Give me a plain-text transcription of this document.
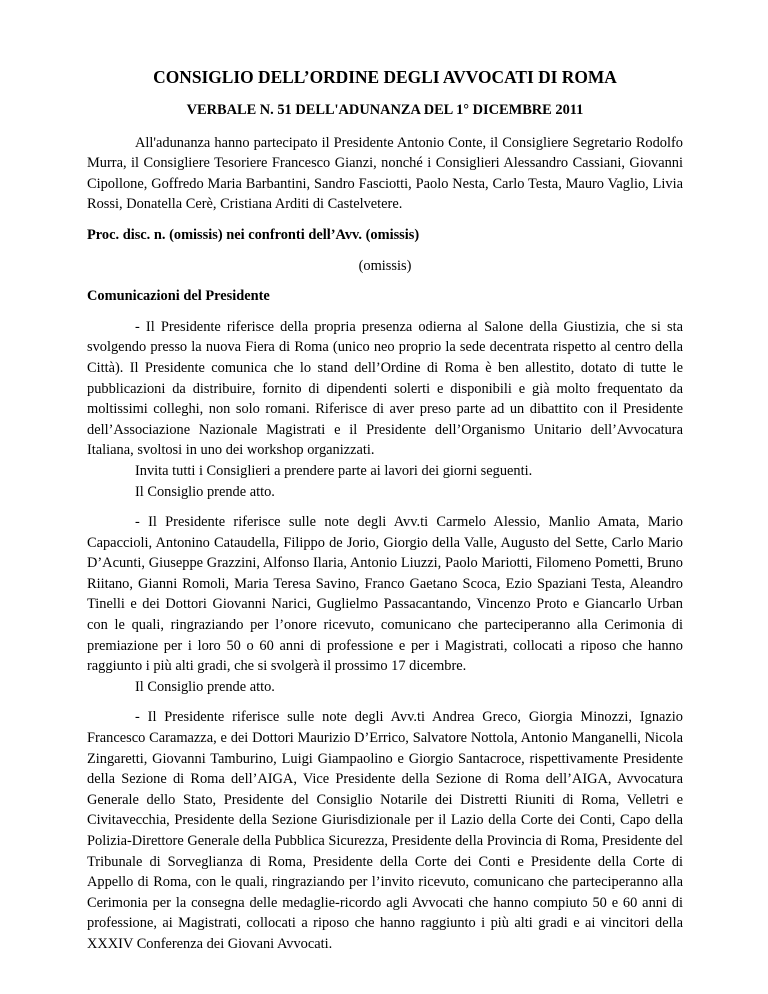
CONSIGLIO DELL’ORDINE DEGLI AVVOCATI DI ROMA
VERBALE N. 51 DELL'ADUNANZA DEL 1° DICEMBRE 2011

All'adunanza hanno partecipato il Presidente Antonio Conte, il Consigliere Segretario Rodolfo Murra, il Consigliere Tesoriere Francesco Gianzi, nonché i Consiglieri Alessandro Cassiani, Giovanni Cipollone, Goffredo Maria Barbantini, Sandro Fasciotti, Paolo Nesta, Carlo Testa, Mauro Vaglio, Livia Rossi, Donatella Cerè, Cristiana Arditi di Castelvetere.

Proc. disc. n. (omissis) nei confronti dell’Avv. (omissis)

(omissis)

Comunicazioni del Presidente

- Il Presidente riferisce della propria presenza odierna al Salone della Giustizia, che si sta svolgendo presso la nuova Fiera di Roma (unico neo proprio la sede decentrata rispetto al centro della Città). Il Presidente comunica che lo stand dell’Ordine di Roma è ben allestito, dotato di tutte le pubblicazioni da distribuire, fornito di dipendenti solerti e disponibili e già molto frequentato da moltissimi colleghi, non solo romani. Riferisce di aver preso parte ad un dibattito con il Presidente dell’Associazione Nazionale Magistrati e il Presidente dell’Organismo Unitario dell’Avvocatura Italiana, svoltosi in uno dei workshop organizzati.

Invita tutti i Consiglieri a prendere parte ai lavori dei giorni seguenti.

Il Consiglio prende atto.

- Il Presidente riferisce sulle note degli Avv.ti Carmelo Alessio, Manlio Amata, Mario Capaccioli, Antonino Cataudella, Filippo de Jorio, Giorgio della Valle, Augusto del Sette, Carlo Mario D’Acunti, Giuseppe Grazzini, Alfonso Ilaria, Antonio Liuzzi, Paolo Mariotti, Filomeno Pometti, Bruno Riitano, Gianni Romoli, Maria Teresa Savino, Franco Gaetano Scoca, Ezio Spaziani Testa, Aleandro Tinelli e dei Dottori Giovanni Narici, Guglielmo Passacantando, Vincenzo Proto e Giancarlo Urban con le quali, ringraziando per l’onore ricevuto, comunicano che parteciperanno alla Cerimonia di premiazione per i loro 50 o 60 anni di professione e per i Magistrati, collocati a riposo che hanno raggiunto i più alti gradi, che si svolgerà il prossimo 17 dicembre.

Il Consiglio prende atto.

- Il Presidente riferisce sulle note degli Avv.ti Andrea Greco, Giorgia Minozzi, Ignazio Francesco Caramazza, e dei Dottori Maurizio D’Errico, Salvatore Nottola, Antonio Manganelli, Nicola Zingaretti, Giovanni Tamburino, Luigi Giampaolino e Giorgio Santacroce, rispettivamente Presidente della Sezione di Roma dell’AIGA, Vice Presidente della Sezione di Roma dell’AIGA, Avvocatura Generale dello Stato, Presidente del Consiglio Notarile dei Distretti Riuniti di Roma, Velletri e Civitavecchia, Presidente della Sezione Giurisdizionale per il Lazio della Corte dei Conti, Capo della Polizia-Direttore Generale della Pubblica Sicurezza, Presidente della Provincia di Roma, Presidente del Tribunale di Sorveglianza di Roma, Presidente della Corte dei Conti e Presidente della Corte di Appello di Roma, con le quali, ringraziando per l’invito ricevuto, comunicano che parteciperanno alla Cerimonia per la consegna delle medaglie-ricordo agli Avvocati che hanno compiuto 50 e 60 anni di professione, ai Magistrati, collocati a riposo che hanno raggiunto i più alti gradi e ai vincitori della XXXIV Conferenza dei Giovani Avvocati.
